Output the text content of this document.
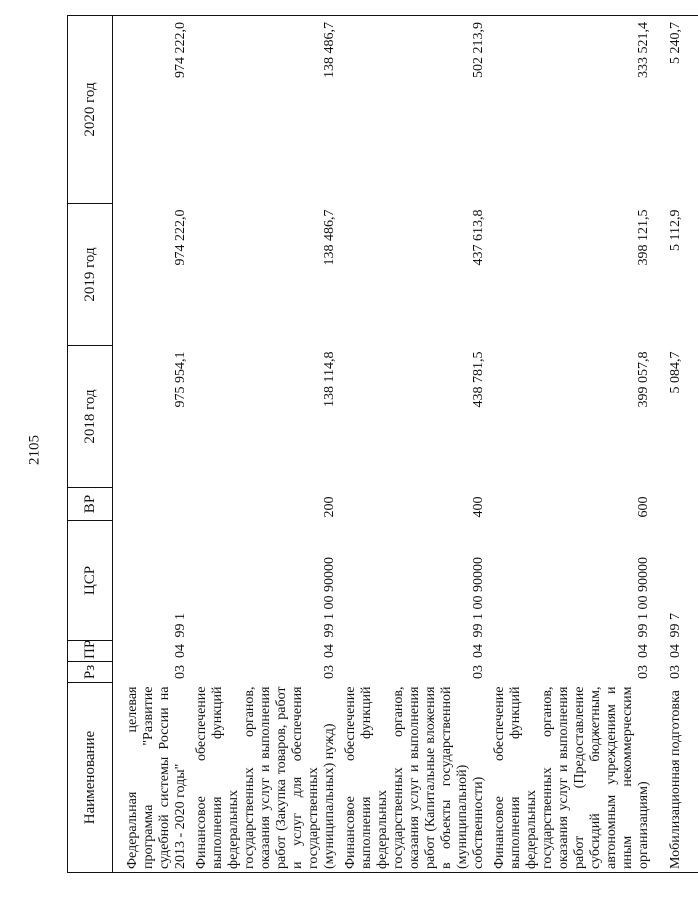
2105
Наименование	Рз	ПР	ЦСР	ВР	2018 год	2019 год	2020 год
Федеральная целевая программа "Развитие судебной системы России на 2013 - 2020 годы"	03	04	99 1		975 954,1	974 222,0	974 222,0
Финансовое обеспечение выполнения функций федеральных государственных органов, оказания услуг и выполнения работ (Закупка товаров, работ и услуг для обеспечения государственных (муниципальных) нужд)	03	04	99 1 00 90000	200	138 114,8	138 486,7	138 486,7
Финансовое обеспечение выполнения функций федеральных государственных органов, оказания услуг и выполнения работ (Капитальные вложения в объекты государственной (муниципальной) собственности)	03	04	99 1 00 90000	400	438 781,5	437 613,8	502 213,9
Финансовое обеспечение выполнения функций федеральных государственных органов, оказания услуг и выполнения работ (Предоставление субсидий бюджетным, автономным учреждениям и иным некоммерческим организациям)	03	04	99 1 00 90000	600	399 057,8	398 121,5	333 521,4
Мобилизационная подготовка	03	04	99 7		5 084,7	5 112,9	5 240,7
